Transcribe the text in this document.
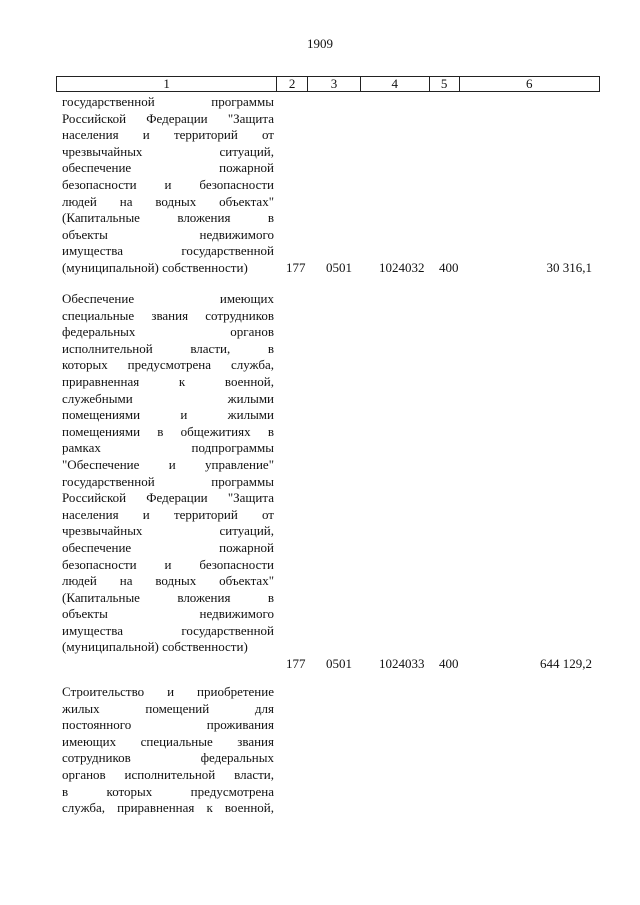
1909
1	2	3	4	5	6
государственной программы
Российской Федерации "Защита
населения и территорий от
чрезвычайных ситуаций,
обеспечение пожарной
безопасности и безопасности
людей на водных объектах"
(Капитальные вложения в
объекты недвижимого
имущества государственной
(муниципальной) собственности)	177 0501 1024032 400	30 316,1
Обеспечение имеющих
специальные звания сотрудников
федеральных органов
исполнительной власти, в
которых предусмотрена служба,
приравненная к военной,
служебными жилыми
помещениями и жилыми
помещениями в общежитиях в
рамках подпрограммы
"Обеспечение и управление"
государственной программы
Российской Федерации "Защита
населения и территорий от
чрезвычайных ситуаций,
обеспечение пожарной
безопасности и безопасности
людей на водных объектах"
(Капитальные вложения в
объекты недвижимого
имущества государственной
(муниципальной) собственности)
177 0501 1024033 400	644 129,2
Строительство и приобретение
жилых помещений для
постоянного проживания
имеющих специальные звания
сотрудников федеральных
органов исполнительной власти,
в которых предусмотрена
служба, приравненная к военной,
